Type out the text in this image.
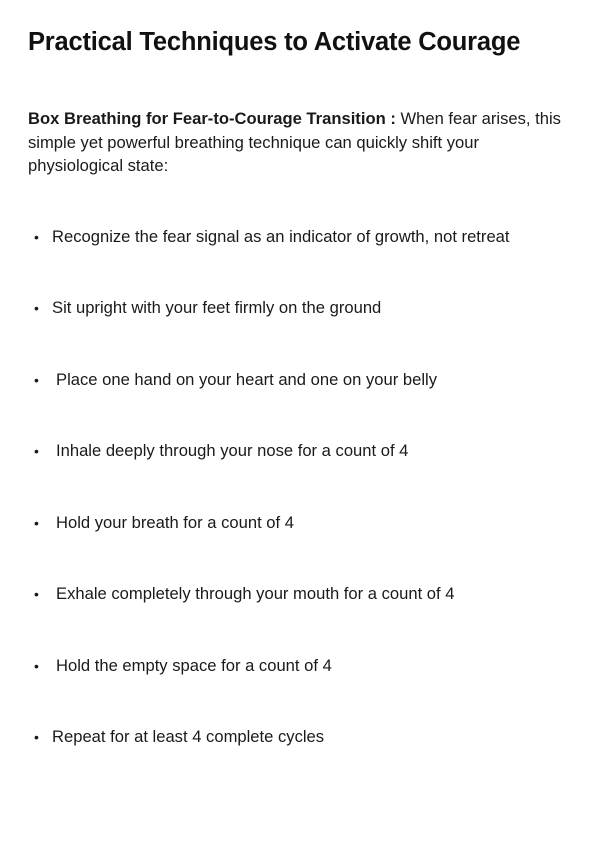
Practical Techniques to Activate Courage

Box Breathing for Fear-to-Courage Transition : When fear arises, this simple yet powerful breathing technique can quickly shift your physiological state:

• Recognize the fear signal as an indicator of growth, not retreat
• Sit upright with your feet firmly on the ground
• Place one hand on your heart and one on your belly
• Inhale deeply through your nose for a count of 4
• Hold your breath for a count of 4
• Exhale completely through your mouth for a count of 4
• Hold the empty space for a count of 4
• Repeat for at least 4 complete cycles
